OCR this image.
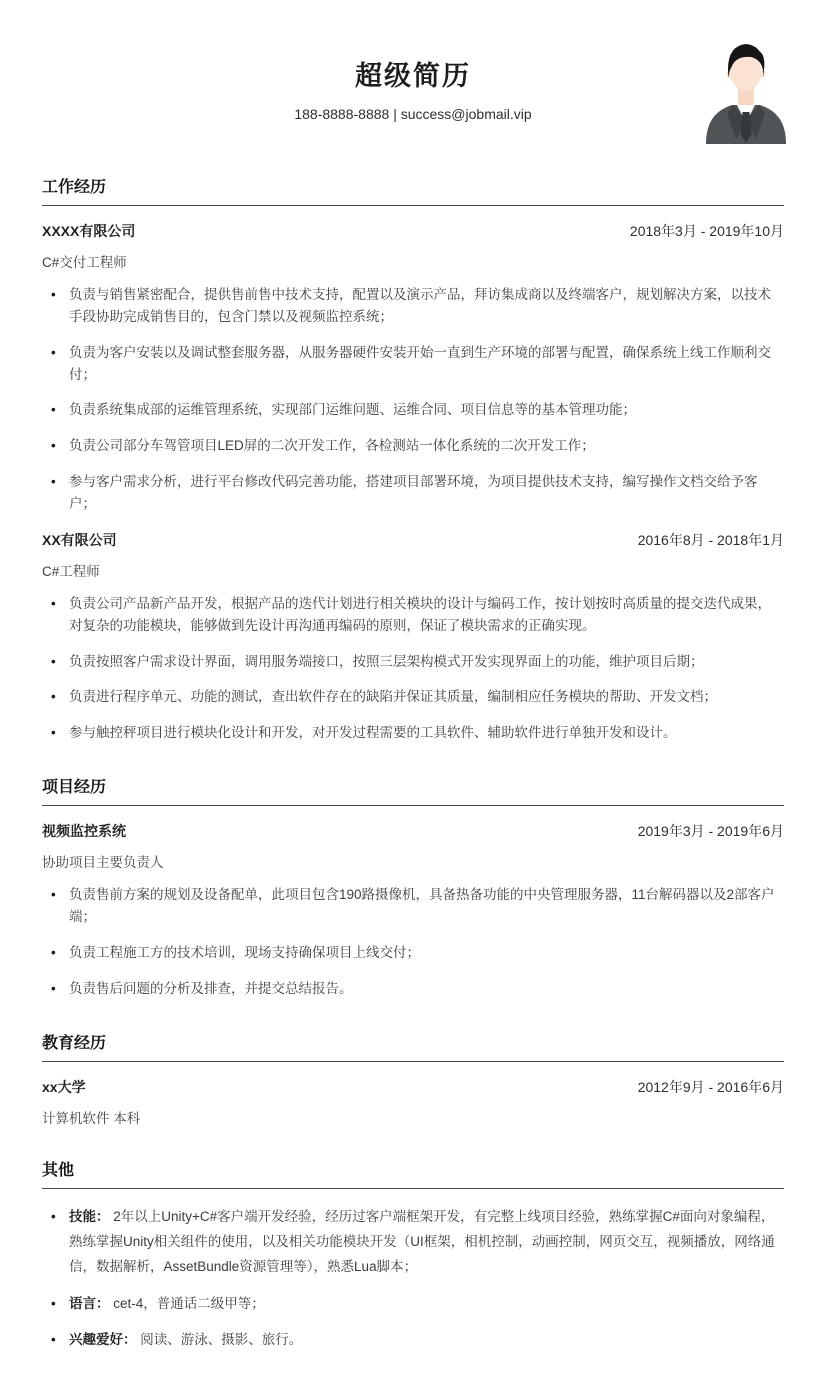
超级简历
188-8888-8888 | success@jobmail.vip
工作经历
XXXX有限公司	2018年3月 - 2019年10月
C#交付工程师
• 负责与销售紧密配合，提供售前售中技术支持，配置以及演示产品，拜访集成商以及终端客户，规划解决方案，以技术手段协助完成销售目的，包含门禁以及视频监控系统；
• 负责为客户安装以及调试整套服务器，从服务器硬件安装开始一直到生产环境的部署与配置，确保系统上线工作顺利交付；
• 负责系统集成部的运维管理系统，实现部门运维问题、运维合同、项目信息等的基本管理功能；
• 负责公司部分车驾管项目LED屏的二次开发工作，各检测站一体化系统的二次开发工作；
• 参与客户需求分析，进行平台修改代码完善功能，搭建项目部署环境，为项目提供技术支持，编写操作文档交给予客户；
XX有限公司	2016年8月 - 2018年1月
C#工程师
• 负责公司产品新产品开发，根据产品的迭代计划进行相关模块的设计与编码工作，按计划按时高质量的提交迭代成果，对复杂的功能模块，能够做到先设计再沟通再编码的原则，保证了模块需求的正确实现。
• 负责按照客户需求设计界面，调用服务端接口，按照三层架构模式开发实现界面上的功能，维护项目后期；
• 负责进行程序单元、功能的测试，查出软件存在的缺陷并保证其质量，编制相应任务模块的帮助、开发文档；
• 参与触控秤项目进行模块化设计和开发，对开发过程需要的工具软件、辅助软件进行单独开发和设计。
项目经历
视频监控系统	2019年3月 - 2019年6月
协助项目主要负责人
• 负责售前方案的规划及设备配单，此项目包含190路摄像机，具备热备功能的中央管理服务器，11台解码器以及2部客户端；
• 负责工程施工方的技术培训，现场支持确保项目上线交付；
• 负责售后问题的分析及排查，并提交总结报告。
教育经历
xx大学	2012年9月 - 2016年6月
计算机软件 本科
其他
• 技能： 2年以上Unity+C#客户端开发经验，经历过客户端框架开发，有完整上线项目经验，熟练掌握C#面向对象编程，熟练掌握Unity相关组件的使用，以及相关功能模块开发（UI框架，相机控制，动画控制，网页交互，视频播放，网络通信，数据解析，AssetBundle资源管理等），熟悉Lua脚本；
• 语言： cet-4，普通话二级甲等；
• 兴趣爱好： 阅读、游泳、摄影、旅行。
